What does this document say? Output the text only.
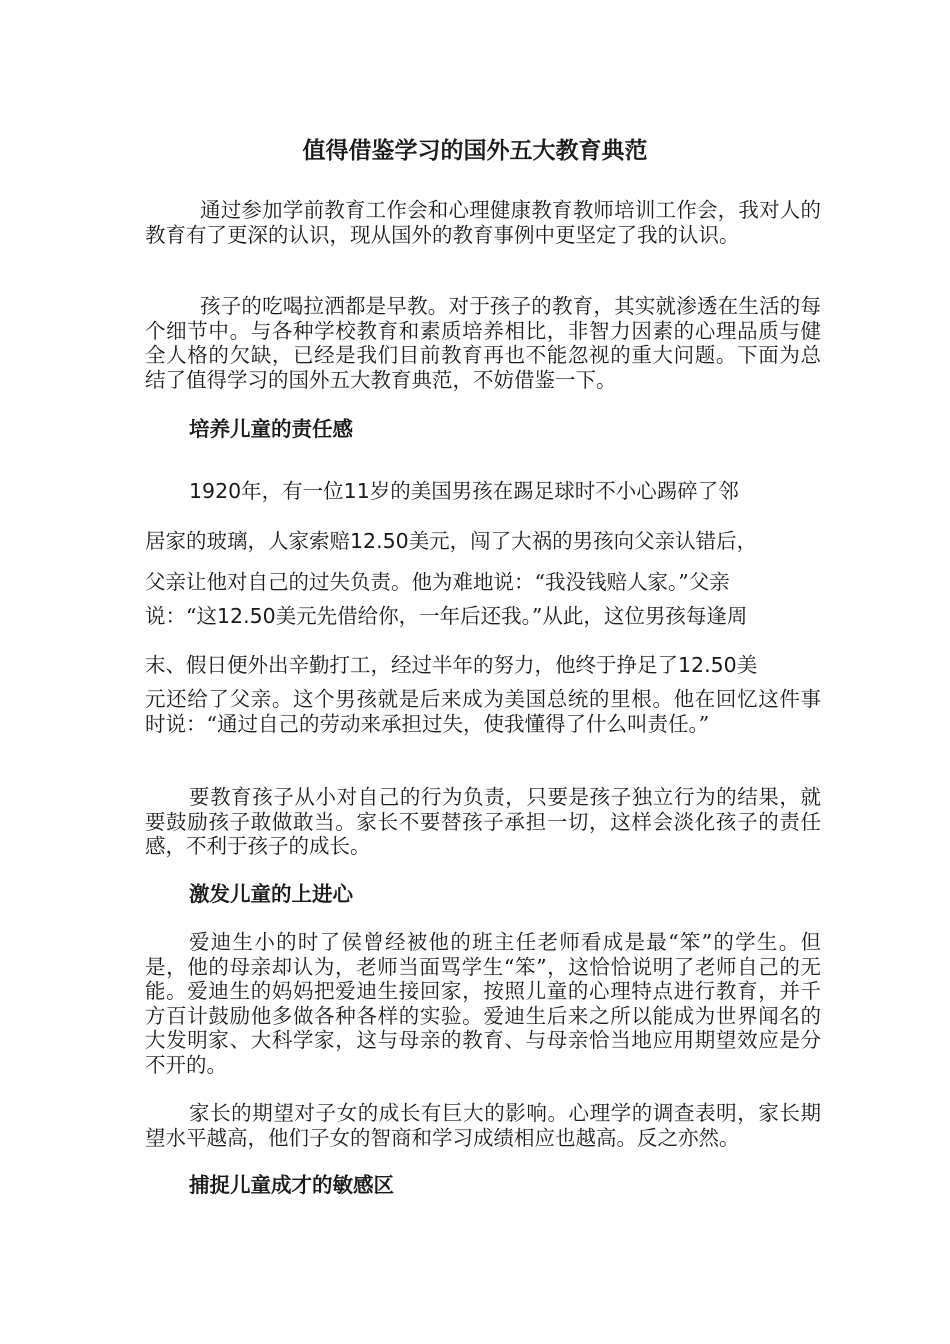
值得借鉴学习的国外五大教育典范

通过参加学前教育工作会和心理健康教育教师培训工作会，我对人的教育有了更深的认识，现从国外的教育事例中更坚定了我的认识。

孩子的吃喝拉洒都是早教。对于孩子的教育，其实就渗透在生活的每个细节中。与各种学校教育和素质培养相比，非智力因素的心理品质与健全人格的欠缺，已经是我们目前教育再也不能忽视的重大问题。下面为总结了值得学习的国外五大教育典范，不妨借鉴一下。

培养儿童的责任感

1920年，有一位11岁的美国男孩在踢足球时不小心踢碎了邻

居家的玻璃，人家索赔12.50美元，闯了大祸的男孩向父亲认错后，

父亲让他对自己的过失负责。他为难地说：“我没钱赔人家。”父亲

说：“这12.50美元先借给你，一年后还我。”从此，这位男孩每逢周

末、假日便外出辛勤打工，经过半年的努力，他终于挣足了12.50美

元还给了父亲。这个男孩就是后来成为美国总统的里根。他在回忆这件事时说：“通过自己的劳动来承担过失，使我懂得了什么叫责任。”

要教育孩子从小对自己的行为负责，只要是孩子独立行为的结果，就要鼓励孩子敢做敢当。家长不要替孩子承担一切，这样会淡化孩子的责任感，不利于孩子的成长。

激发儿童的上进心

爱迪生小的时了侯曾经被他的班主任老师看成是最“笨”的学生。但是，他的母亲却认为，老师当面骂学生“笨”，这恰恰说明了老师自己的无能。爱迪生的妈妈把爱迪生接回家，按照儿童的心理特点进行教育，并千方百计鼓励他多做各种各样的实验。爱迪生后来之所以能成为世界闻名的大发明家、大科学家，这与母亲的教育、与母亲恰当地应用期望效应是分不开的。

家长的期望对子女的成长有巨大的影响。心理学的调查表明，家长期望水平越高，他们子女的智商和学习成绩相应也越高。反之亦然。

捕捉儿童成才的敏感区
